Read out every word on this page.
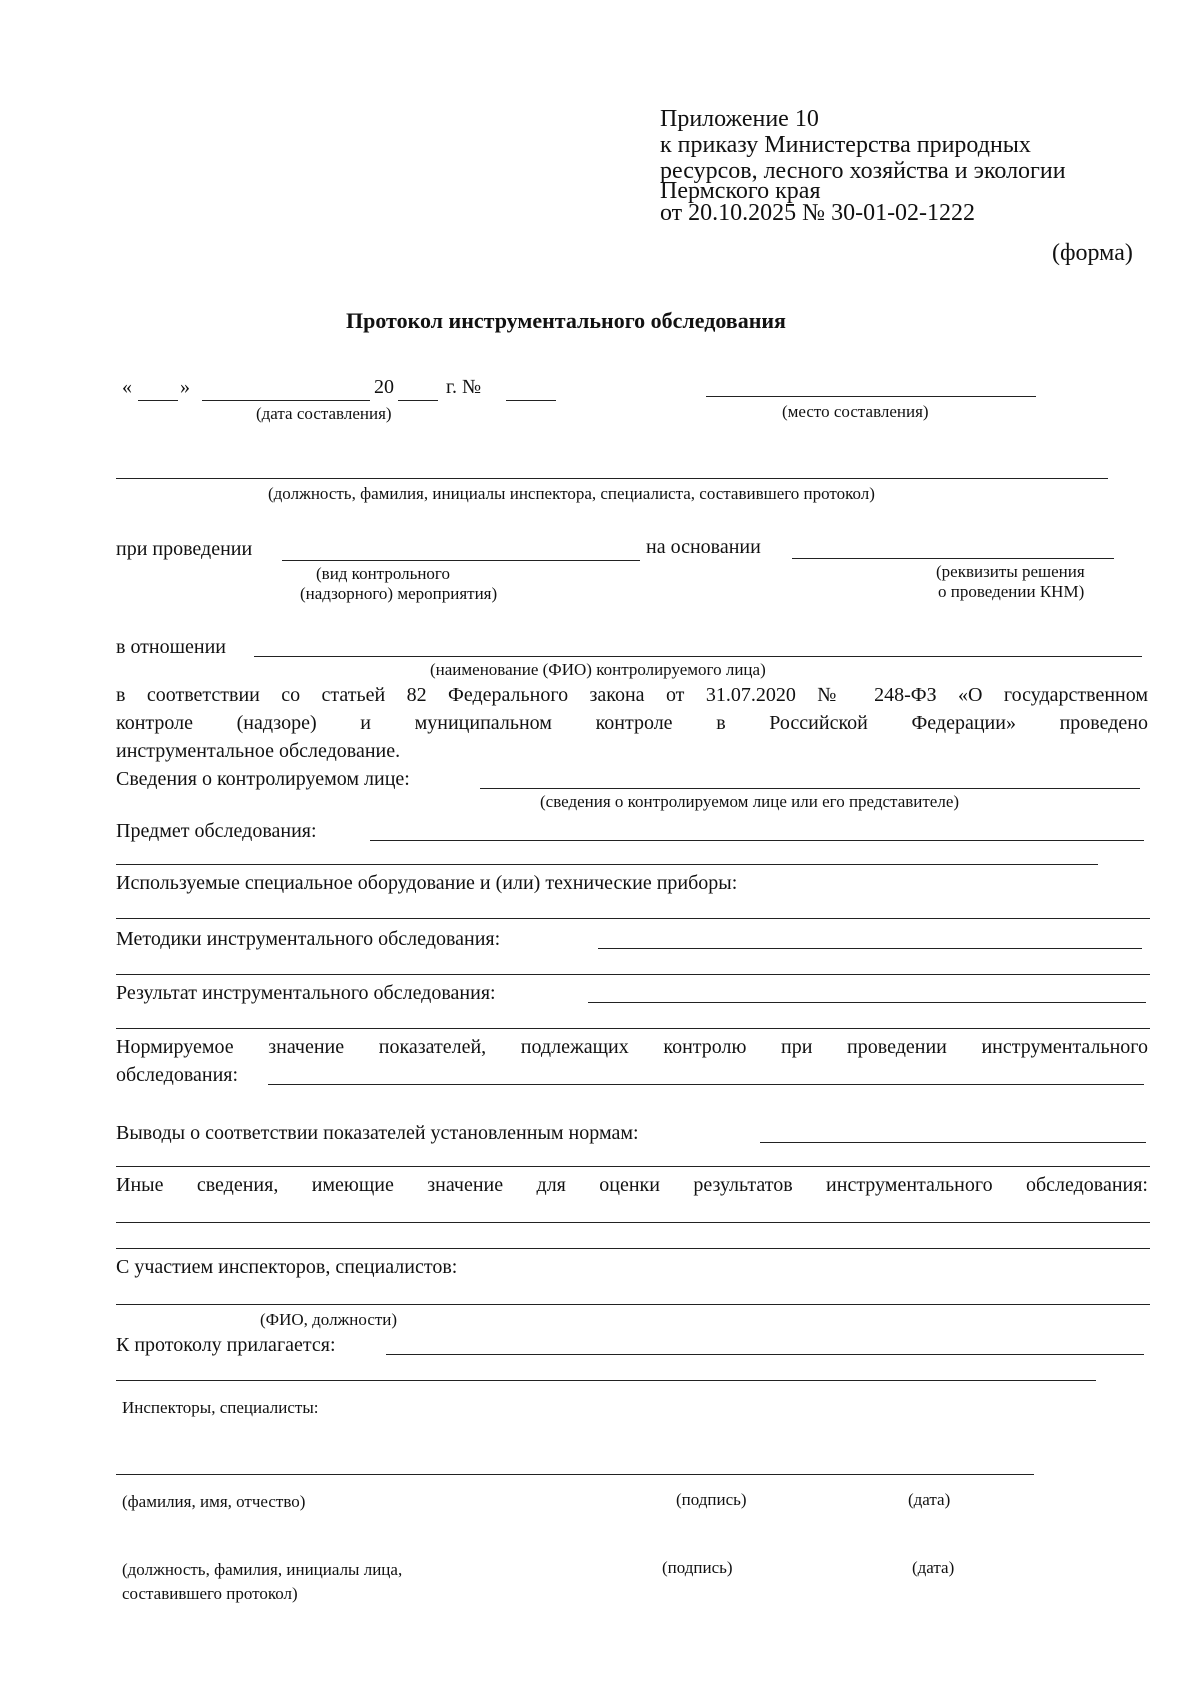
Приложение 10
к приказу Министерства природных
ресурсов, лесного хозяйства и экологии
Пермского края
от 20.10.2025 № 30-01-02-1222
(форма)
Протокол инструментального обследования
« »	20	г. №
(дата составления)	(место составления)
(должность, фамилия, инициалы инспектора, специалиста, составившего протокол)
при проведении	на основании
(вид контрольного
(надзорного) мероприятия)
(реквизиты решения
о проведении КНМ)
в отношении
(наименование (ФИО) контролируемого лица)
в соответствии со статьей 82 Федерального закона от 31.07.2020 № 248-ФЗ «О государственном
контроле (надзоре) и муниципальном контроле в Российской Федерации» проведено
инструментальное обследование.
Сведения о контролируемом лице:
(сведения о контролируемом лице или его представителе)
Предмет обследования:
Используемые специальное оборудование и (или) технические приборы:
Методики инструментального обследования:
Результат инструментального обследования:
Нормируемое значение показателей, подлежащих контролю при проведении инструментального
обследования:
Выводы о соответствии показателей установленным нормам:
Иные сведения, имеющие значение для оценки результатов инструментального обследования:
С участием инспекторов, специалистов:
(ФИО, должности)
К протоколу прилагается:
Инспекторы, специалисты:
(фамилия, имя, отчество)	(подпись)	(дата)
(должность, фамилия, инициалы лица,
составившего протокол)
(подпись)	(дата)
